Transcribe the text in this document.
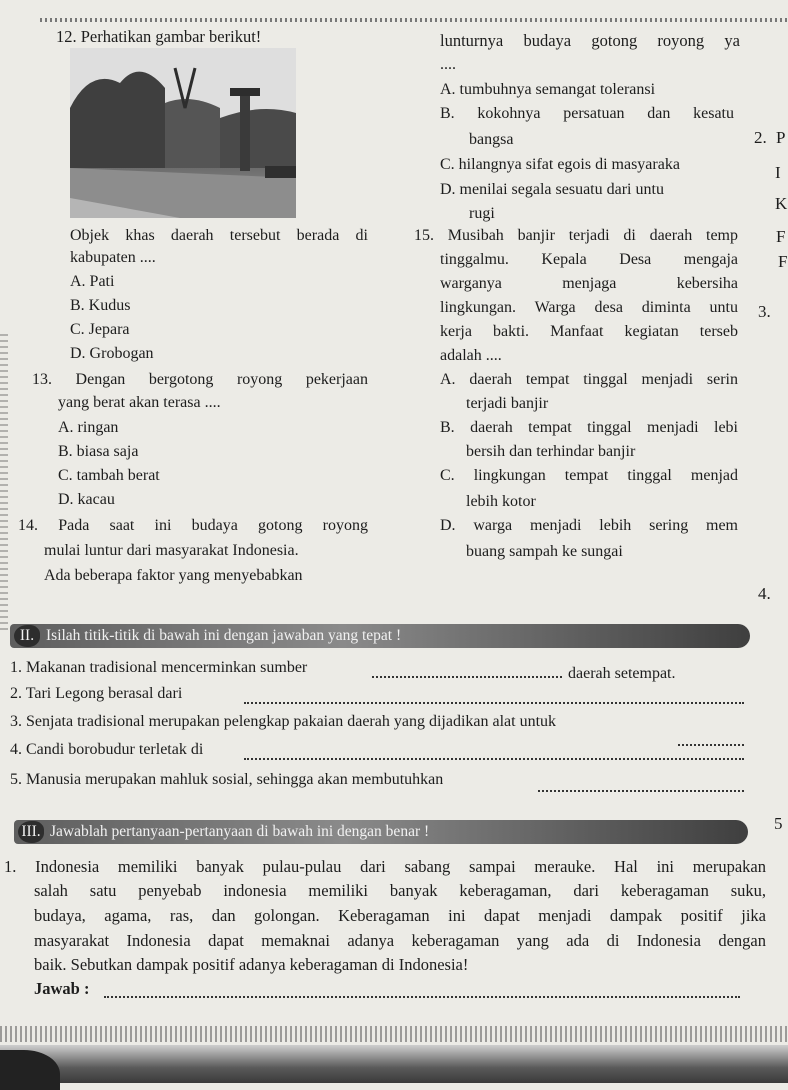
12. Perhatikan gambar berikut!
Objek khas daerah tersebut berada di
kabupaten ....
A. Pati
B. Kudus
C. Jepara
D. Grobogan
13. Dengan bergotong royong pekerjaan
yang berat akan terasa ....
A. ringan
B. biasa saja
C. tambah berat
D. kacau
14. Pada saat ini budaya gotong royong
mulai luntur dari masyarakat Indonesia.
Ada beberapa faktor yang menyebabkan
lunturnya budaya gotong royong ya
....
A. tumbuhnya semangat toleransi
B. kokohnya persatuan dan kesatu
bangsa
C. hilangnya sifat egois di masyaraka
D. menilai segala sesuatu dari untu
rugi
15. Musibah banjir terjadi di daerah temp
tinggalmu. Kepala Desa mengaja
warganya menjaga kebersiha
lingkungan. Warga desa diminta untu
kerja bakti. Manfaat kegiatan terseb
adalah ....
A. daerah tempat tinggal menjadi serin
terjadi banjir
B. daerah tempat tinggal menjadi lebi
bersih dan terhindar banjir
C. lingkungan tempat tinggal menjad
lebih kotor
D. warga menjadi lebih sering mem
buang sampah ke sungai
2. P
I
K
F
F
3.
4.
5
II. Isilah titik-titik di bawah ini dengan jawaban yang tepat !
1. Makanan tradisional mencerminkan sumber	daerah setempat.
2. Tari Legong berasal dari
3. Senjata tradisional merupakan pelengkap pakaian daerah yang dijadikan alat untuk
4. Candi borobudur terletak di
5. Manusia merupakan mahluk sosial, sehingga akan membutuhkan
III. Jawablah pertanyaan-pertanyaan di bawah ini dengan benar !
1. Indonesia memiliki banyak pulau-pulau dari sabang sampai merauke. Hal ini merupakan
salah satu penyebab indonesia memiliki banyak keberagaman, dari keberagaman suku,
budaya, agama, ras, dan golongan. Keberagaman ini dapat menjadi dampak positif jika
masyarakat Indonesia dapat memaknai adanya keberagaman yang ada di Indonesia dengan
baik. Sebutkan dampak positif adanya keberagaman di Indonesia!
Jawab :
